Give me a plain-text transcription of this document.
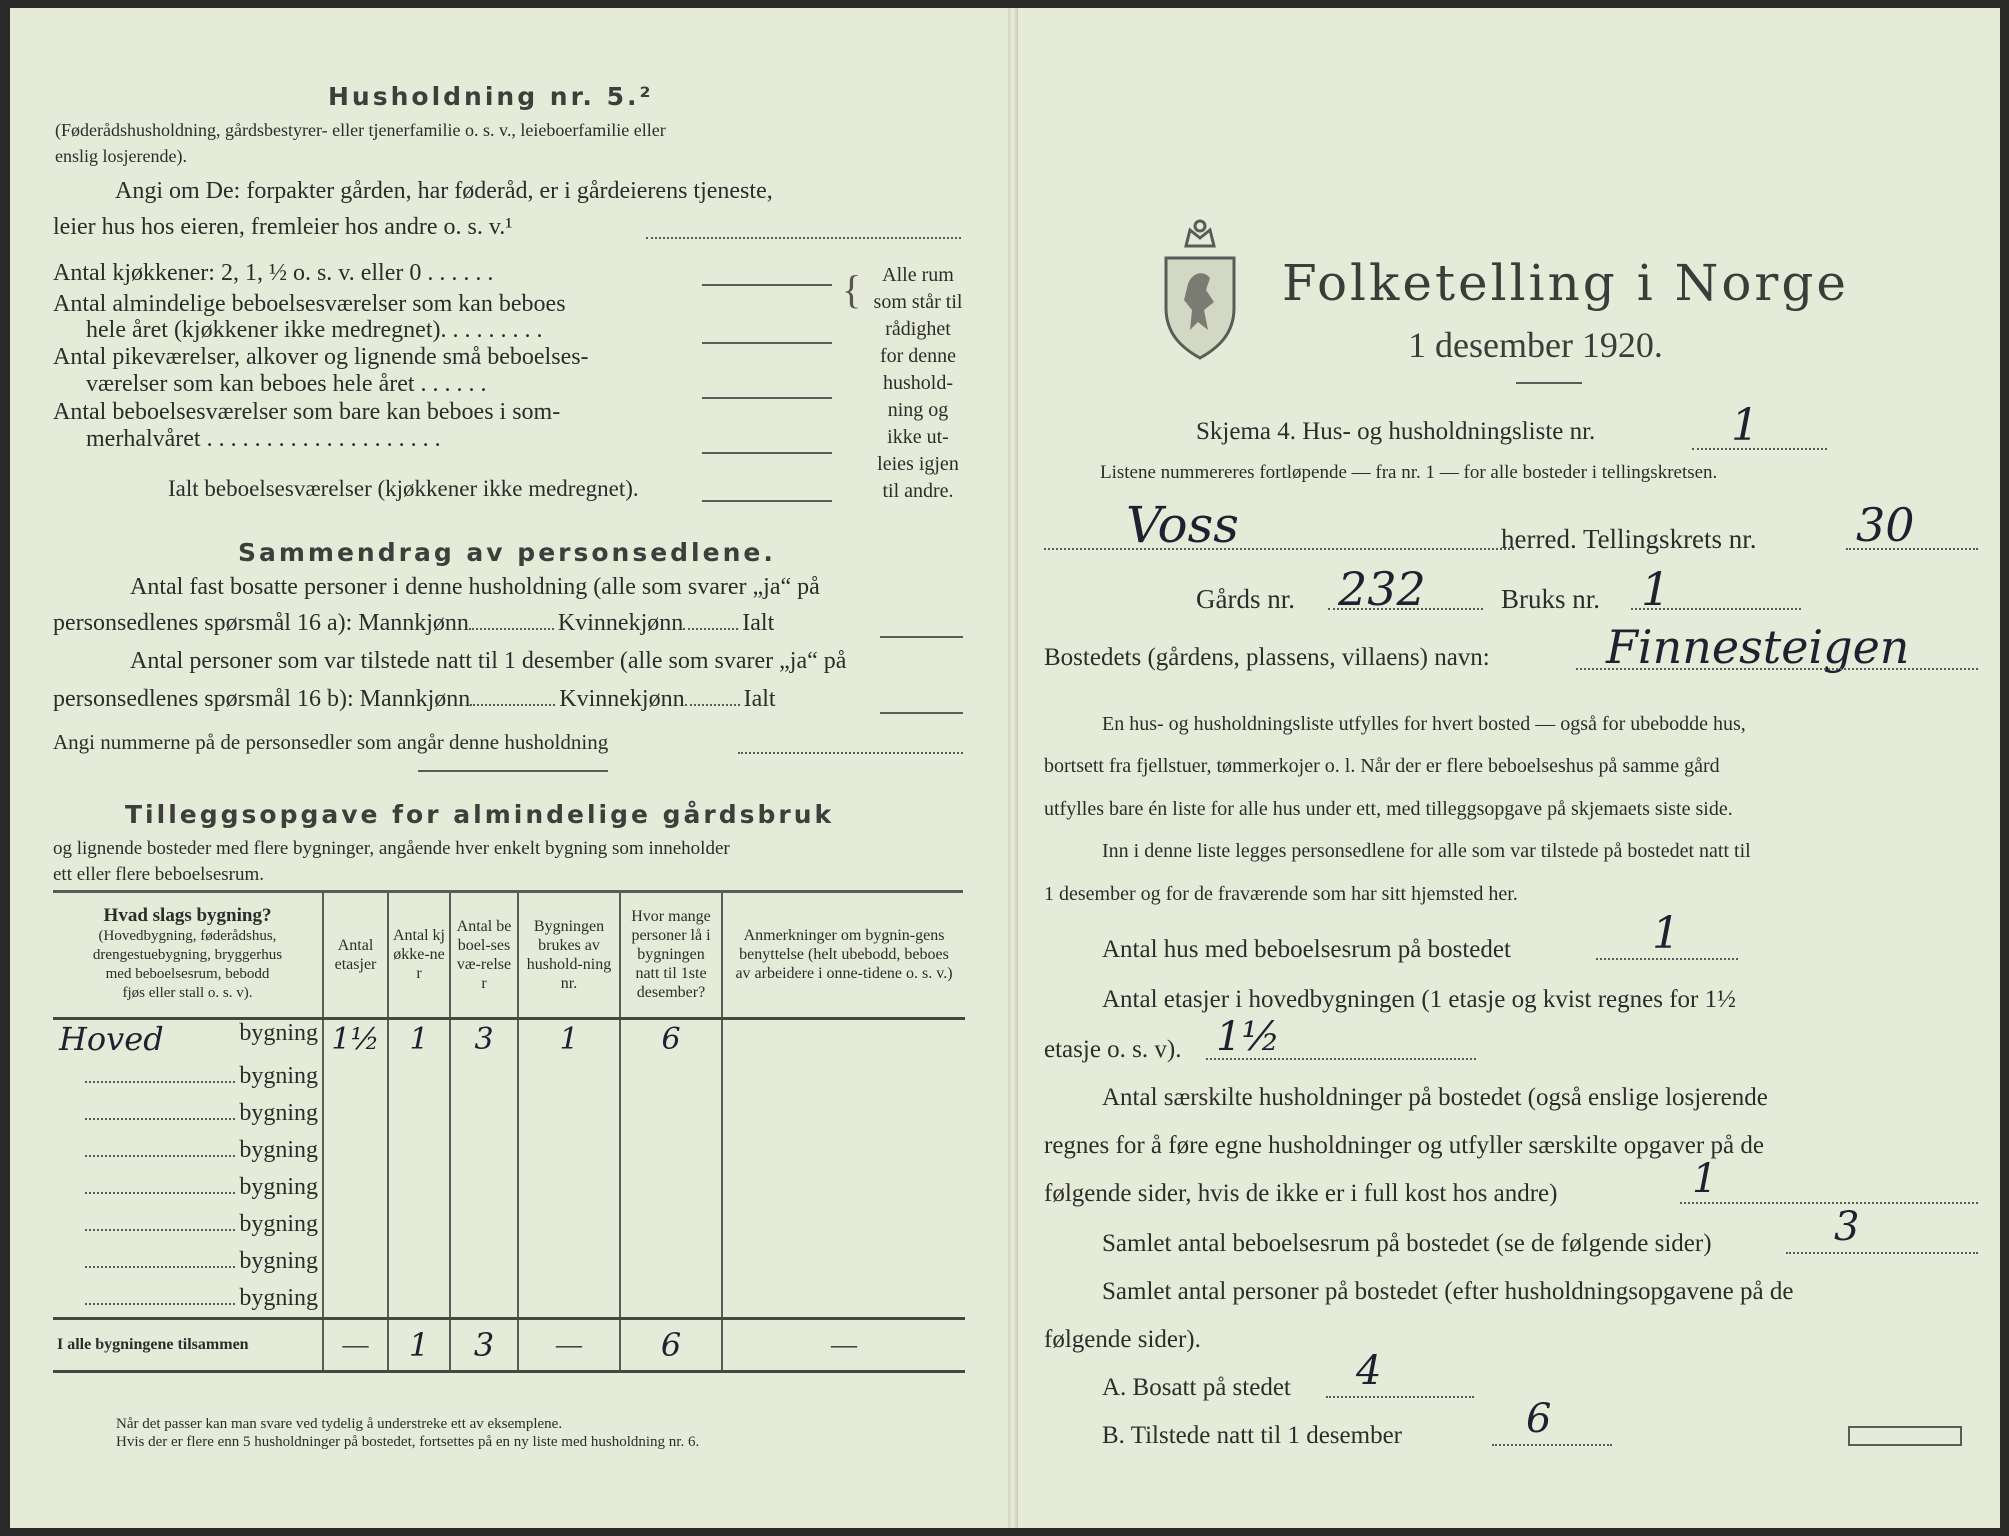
Husholdning nr. 5.²
(Føderådshusholdning, gårdsbestyrer- eller tjenerfamilie o. s. v., leieboerfamilie eller
enslig losjerende).
Angi om De: forpakter gården, har føderåd, er i gårdeierens tjeneste,
leier hus hos eieren, fremleier hos andre o. s. v.¹
Antal kjøkkener: 2, 1, ½ o. s. v. eller 0 . . . . . .
Antal almindelige beboelsesværelser som kan beboes
hele året (kjøkkener ikke medregnet). . . . . . . . .
Antal pikeværelser, alkover og lignende små beboelses-
værelser som kan beboes hele året . . . . . .
Antal beboelsesværelser som bare kan beboes i som-
merhalvåret . . . . . . . . . . . . . . . . . . . .
Ialt beboelsesværelser (kjøkkener ikke medregnet).
{	Alle rum
som står til
rådighet
for denne
hushold-
ning og
ikke ut-
leies igjen
til andre.
Sammendrag av personsedlene.
Antal fast bosatte personer i denne husholdning (alle som svarer „ja“ på
personsedlenes spørsmål 16 a): Mannkjønn	Kvinnekjønn Ialt
Antal personer som var tilstede natt til 1 desember (alle som svarer „ja“ på
personsedlenes spørsmål 16 b): Mannkjønn	Kvinnekjønn Ialt
Angi nummerne på de personsedler som angår denne husholdning
Tilleggsopgave for almindelige gårdsbruk
og lignende bosteder med flere bygninger, angående hver enkelt bygning som inneholder
ett eller flere beboelsesrum.
Hvad slags bygning?
(Hovedbygning, føderådshus,
drengestuebygning, bryggerhus
med beboelsesrum, bebodd
fjøs eller stall o. s. v).	Antal etasjer	Antal kjøkke-ner	Antal beboel-sesvæ-relser	Bygningen brukes av hushold-ning nr.	Hvor mange personer lå i bygningen natt til 1ste desember?	Anmerkninger om bygnin-gens benyttelse (helt ubebodd, beboes av arbeidere i onne-tidene o. s. v.)

Hoved bygning	1½	1	3	1	6	
bygning						
bygning						
bygning						
bygning						
bygning						
bygning						
bygning						
I alle bygningene tilsammen	—	1	3	—	6	—
Når det passer kan man svare ved tydelig å understreke ett av eksemplene.
Hvis der er flere enn 5 husholdninger på bostedet, fortsettes på en ny liste med husholdning nr. 6.
Folketelling i Norge
1 desember 1920.
Skjema 4. Hus- og husholdningsliste nr.	1
Listene nummereres fortløpende — fra nr. 1 — for alle bosteder i tellingskretsen.
Voss	herred. Tellingskrets nr. 30
Gårds nr. 232	Bruks nr. 1
Bostedets (gårdens, plassens, villaens) navn:	Finnesteigen
En hus- og husholdningsliste utfylles for hvert bosted — også for ubebodde hus,
bortsett fra fjellstuer, tømmerkojer o. l. Når der er flere beboelseshus på samme gård
utfylles bare én liste for alle hus under ett, med tilleggsopgave på skjemaets siste side.
Inn i denne liste legges personsedlene for alle som var tilstede på bostedet natt til
1 desember og for de fraværende som har sitt hjemsted her.
Antal hus med beboelsesrum på bostedet	1
Antal etasjer i hovedbygningen (1 etasje og kvist regnes for 1½
etasje o. s. v). 1½
Antal særskilte husholdninger på bostedet (også enslige losjerende
regnes for å føre egne husholdninger og utfyller særskilte opgaver på de
følgende sider, hvis de ikke er i full kost hos andre)	1
Samlet antal beboelsesrum på bostedet (se de følgende sider)	3
Samlet antal personer på bostedet (efter husholdningsopgavene på de
følgende sider).
A. Bosatt på stedet 4
B. Tilstede natt til 1 desember	6
